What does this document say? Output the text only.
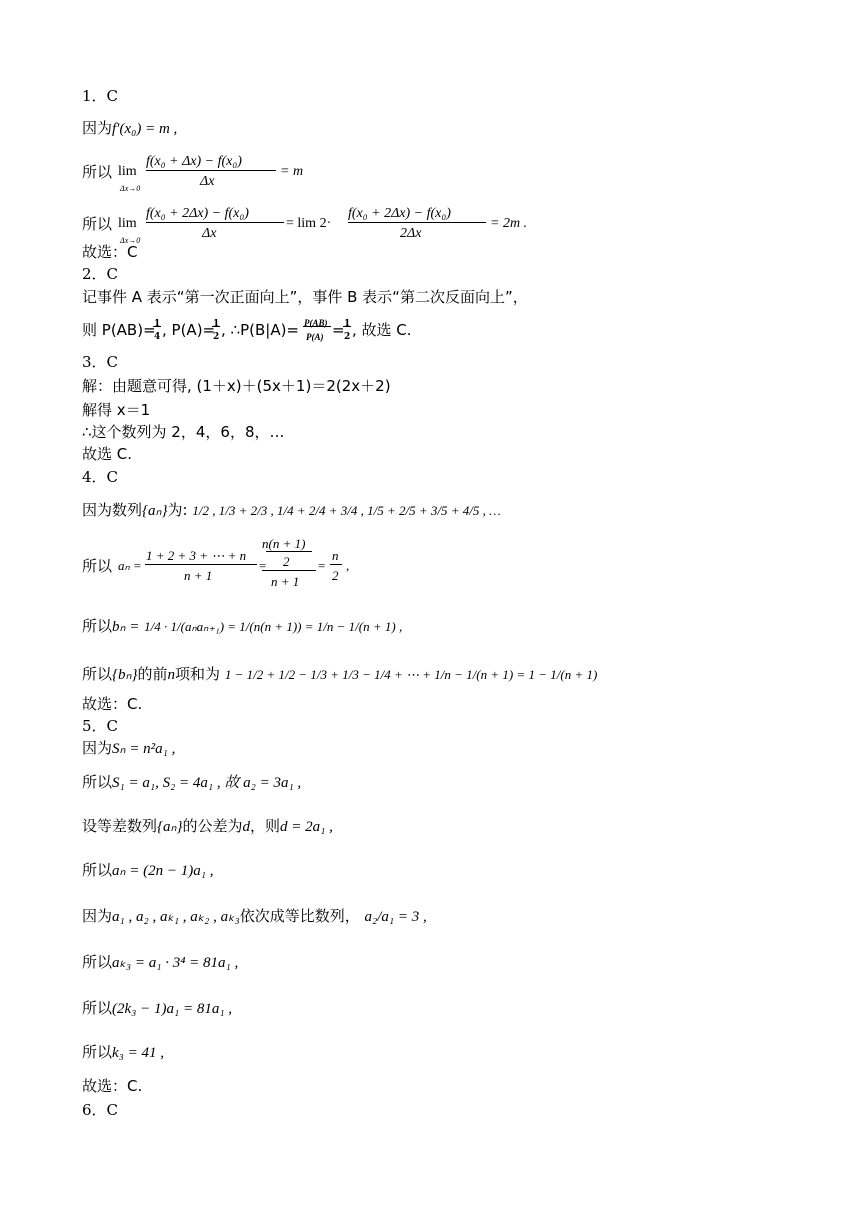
1．C
因为f′(x₀) = m ,
所以 lim
Δx→0
f(x₀ + Δx) − f(x₀)
Δx
= m
所以 lim
Δx→0
f(x₀ + 2Δx) − f(x₀)
Δx
= lim 2·
f(x₀ + 2Δx) − f(x₀)
2Δx
= 2m .
故选：C
2．C
记事件 A 表示“第一次正面向上”，事件 B 表示“第二次反面向上”，
则 P(AB)=
1
4 , P(A)=
1
2 , ∴P(B|A)= P(AB)
P(A) = 1
2 , 故选 C.
3．C
解：由题意可得, (1＋x)＋(5x＋1)＝2(2x＋2)
解得 x＝1
∴这个数列为 2，4，6，8，…
故选 C.
4．C
因为数列{aₙ}为: 1/2 , 1/3 + 2/3 , 1/4 + 2/4 + 3/4 , 1/5 + 2/5 + 3/5 + 4/5 , …
所以 aₙ =
1 + 2 + 3 + ⋯ + n
n + 1
=
n(n + 1)
2
n + 1
=
n
2
,
所以bₙ = 1/4 · 1/(aₙaₙ₊₁) = 1/(n(n + 1)) = 1/n − 1/(n + 1) ,
所以{bₙ}的前n项和为 1 − 1/2 + 1/2 − 1/3 + 1/3 − 1/4 + ⋯ + 1/n − 1/(n + 1) = 1 − 1/(n + 1)
故选：C.
5．C
因为Sₙ = n²a₁ ,
所以S₁ = a₁, S₂ = 4a₁ , 故 a₂ = 3a₁ ,
设等差数列{aₙ}的公差为d，则d = 2a₁ ,
所以aₙ = (2n − 1)a₁ ,
因为a₁ , a₂ , aₖ₁ , aₖ₂ , aₖ₃依次成等比数列， a₂/a₁ = 3 ,
所以aₖ₃ = a₁ · 3⁴ = 81a₁ ,
所以(2k₃ − 1)a₁ = 81a₁ ,
所以k₃ = 41 ,
故选：C.
6．C
